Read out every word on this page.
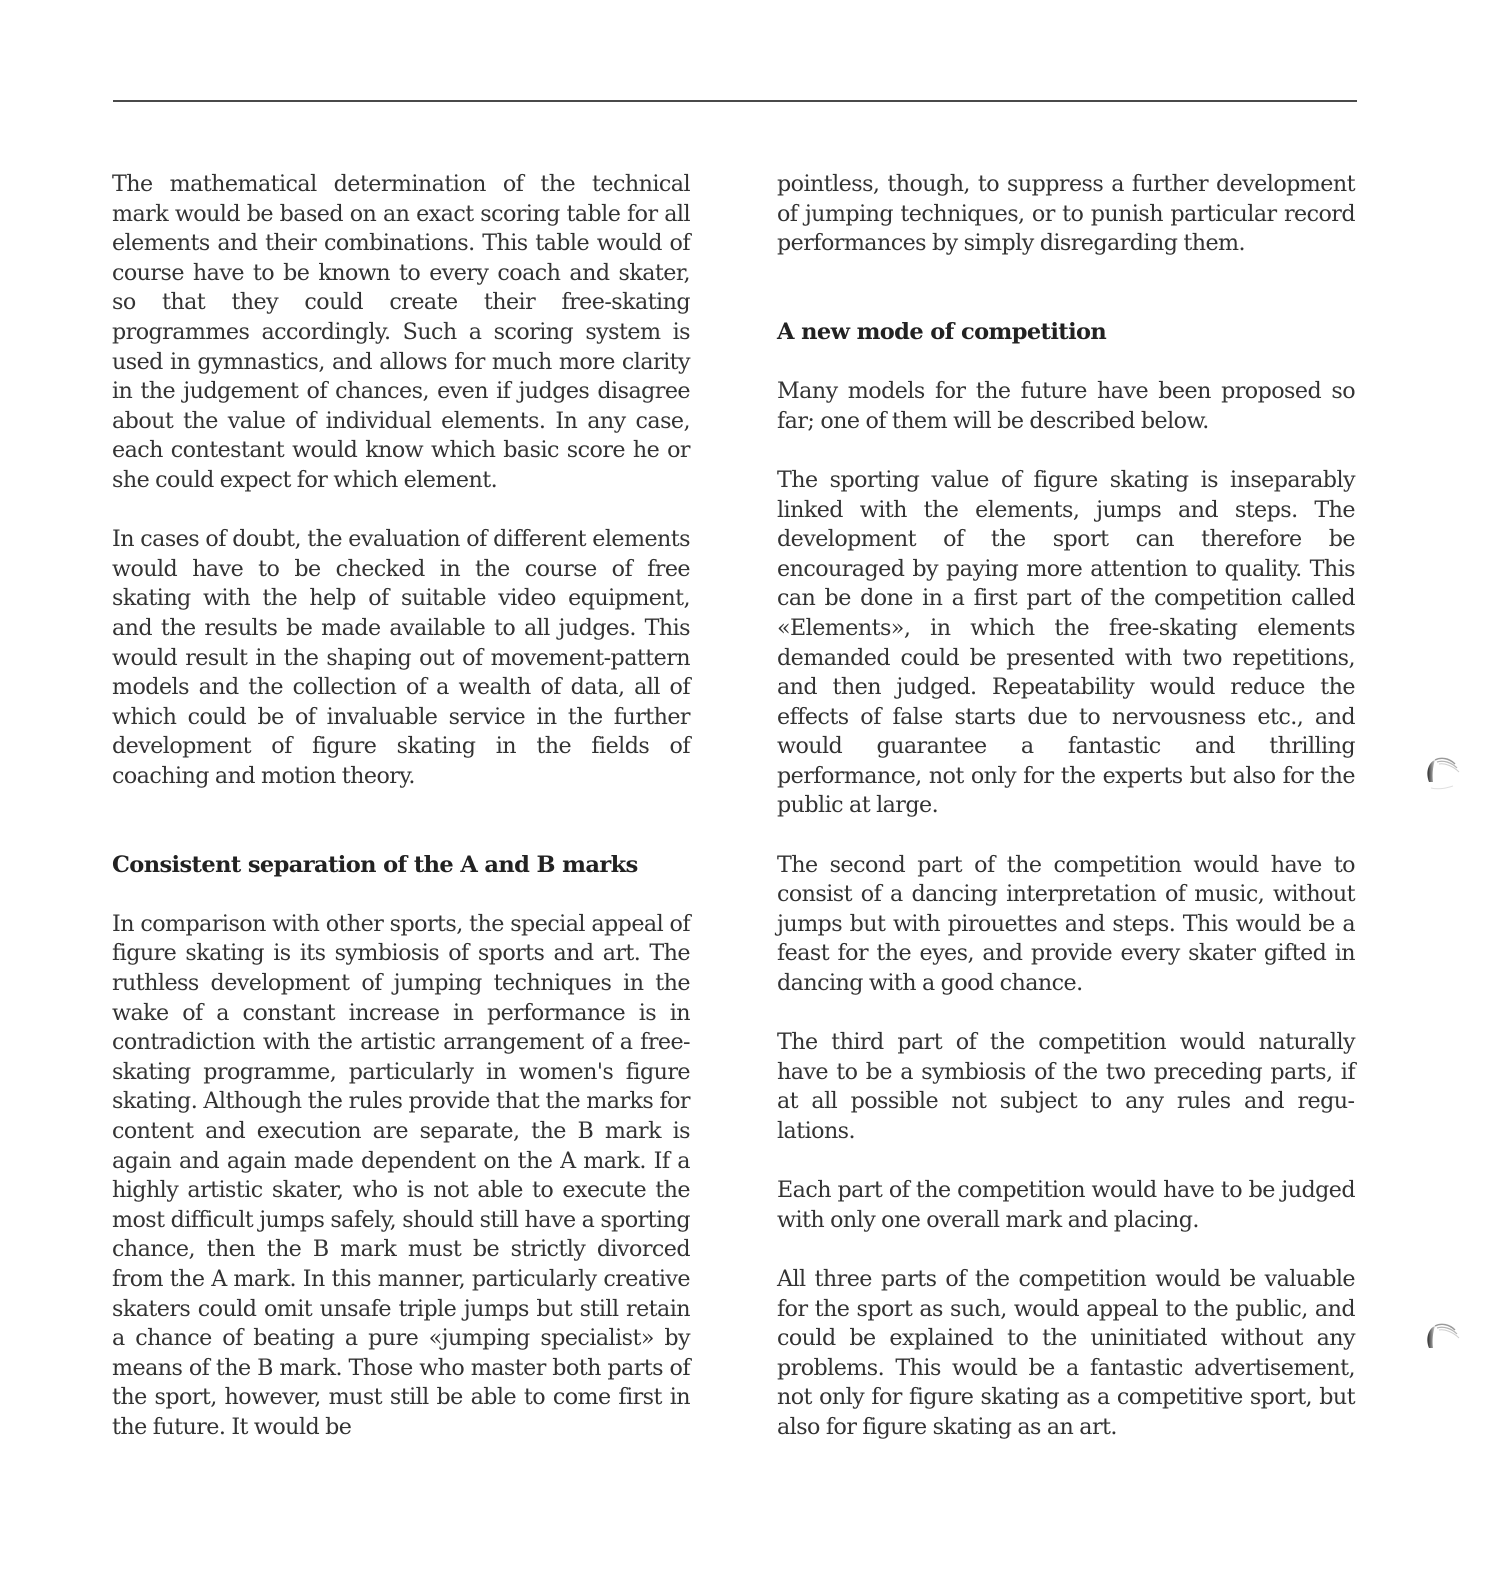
The mathematical determination of the technical mark would be based on an exact scoring table for all elements and their combinations. This table would of course have to be known to every coach and skater, so that they could create their free-skating programmes accordingly. Such a scoring system is used in gymnastics, and allows for much more clarity in the judgement of chances, even if judges disagree about the value of individual elements. In any case, each contestant would know which basic score he or she could expect for which element.

In cases of doubt, the evaluation of different elements would have to be checked in the course of free skating with the help of suitable video equipment, and the results be made available to all judges. This would result in the shaping out of movement-pattern models and the collection of a wealth of data, all of which could be of invaluable service in the further development of figure skating in the fields of coaching and motion theory.

Consistent separation of the A and B marks

In comparison with other sports, the special appeal of figure skating is its symbiosis of sports and art. The ruthless development of jumping techniques in the wake of a constant increase in performance is in contradiction with the artistic arrangement of a free-skating programme, particularly in women's figure skating. Although the rules provide that the marks for content and execution are separate, the B mark is again and again made dependent on the A mark. If a highly artistic skater, who is not able to execute the most difficult jumps safely, should still have a sporting chance, then the B mark must be strictly divorced from the A mark. In this manner, particularly creative skaters could omit unsafe triple jumps but still retain a chance of beating a pure «jumping specialist» by means of the B mark. Those who master both parts of the sport, however, must still be able to come first in the future. It would be

pointless, though, to suppress a further development of jumping techniques, or to punish particular record performances by simply disregarding them.

A new mode of competition

Many models for the future have been proposed so far; one of them will be described below.

The sporting value of figure skating is inseparably linked with the elements, jumps and steps. The development of the sport can therefore be encouraged by paying more attention to quality. This can be done in a first part of the competition called «Elements», in which the free-skating elements demanded could be presented with two repetitions, and then judged. Repeatability would reduce the effects of false starts due to nervousness etc., and would guarantee a fantastic and thrilling performance, not only for the experts but also for the public at large.

The second part of the competition would have to consist of a dancing interpretation of music, without jumps but with pirouettes and steps. This would be a feast for the eyes, and provide every skater gifted in dancing with a good chance.

The third part of the competition would naturally have to be a symbiosis of the two preceding parts, if at all possible not subject to any rules and regulations.

Each part of the competition would have to be judged with only one overall mark and placing.

All three parts of the competition would be valuable for the sport as such, would appeal to the public, and could be explained to the uninitiated without any problems. This would be a fantastic advertisement, not only for figure skating as a competitive sport, but also for figure skating as an art.
